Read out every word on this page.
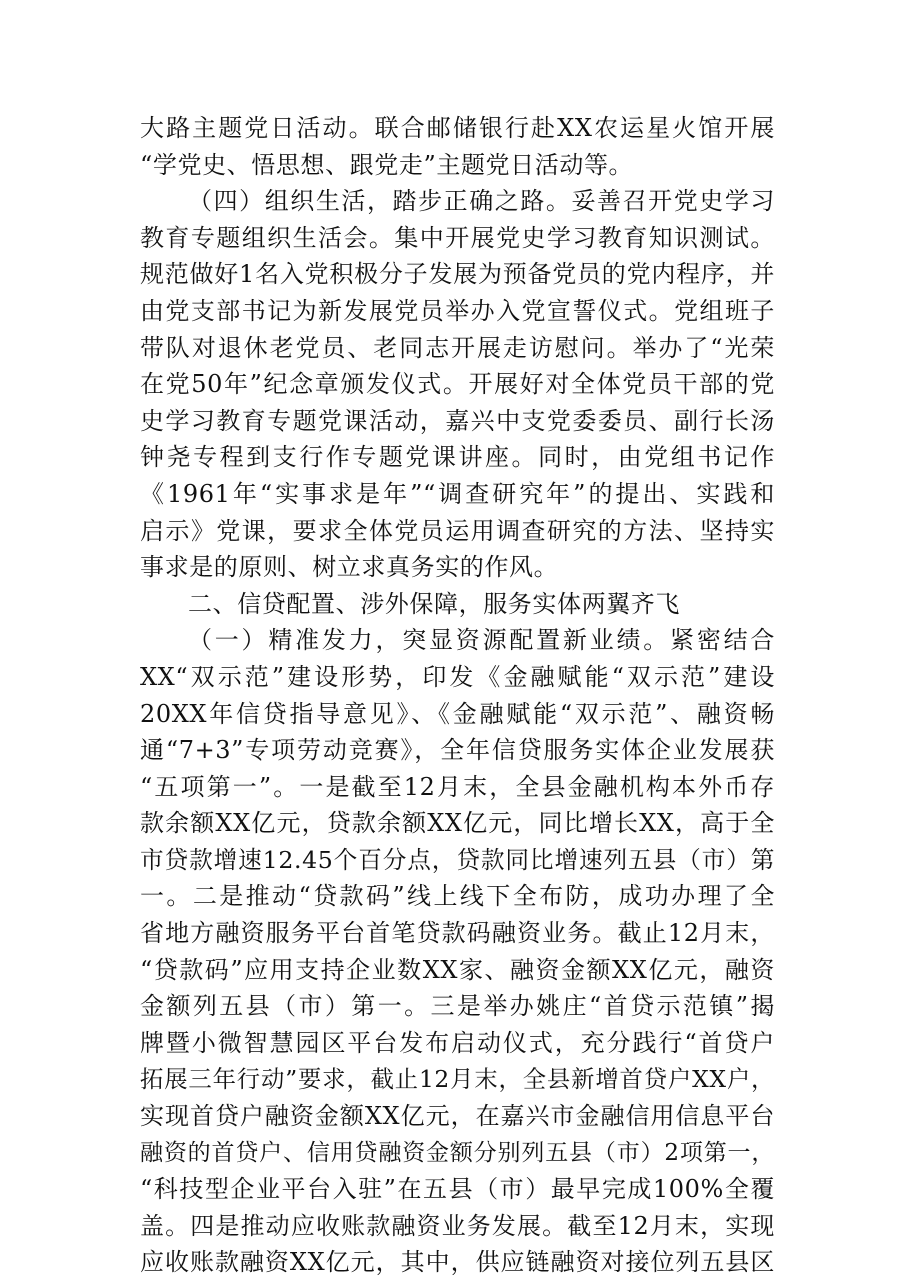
大路主题党日活动。联合邮储银行赴XX农运星火馆开展
“学党史、悟思想、跟党走”主题党日活动等。
（四）组织生活，踏步正确之路。妥善召开党史学习
教育专题组织生活会。集中开展党史学习教育知识测试。
规范做好1名入党积极分子发展为预备党员的党内程序，并
由党支部书记为新发展党员举办入党宣誓仪式。党组班子
带队对退休老党员、老同志开展走访慰问。举办了“光荣
在党50年”纪念章颁发仪式。开展好对全体党员干部的党
史学习教育专题党课活动，嘉兴中支党委委员、副行长汤
钟尧专程到支行作专题党课讲座。同时，由党组书记作
《1961年“实事求是年”“调查研究年”的提出、实践和
启示》党课，要求全体党员运用调查研究的方法、坚持实
事求是的原则、树立求真务实的作风。
二、信贷配置、涉外保障，服务实体两翼齐飞
（一）精准发力，突显资源配置新业绩。紧密结合
XX“双示范”建设形势，印发《金融赋能“双示范”建设
20XX年信贷指导意见》、《金融赋能“双示范”、融资畅
通“7+3”专项劳动竞赛》，全年信贷服务实体企业发展获
“五项第一”。一是截至12月末，全县金融机构本外币存
款余额XX亿元，贷款余额XX亿元，同比增长XX，高于全
市贷款增速12.45个百分点，贷款同比增速列五县（市）第
一。二是推动“贷款码”线上线下全布防，成功办理了全
省地方融资服务平台首笔贷款码融资业务。截止12月末，
“贷款码”应用支持企业数XX家、融资金额XX亿元，融资
金额列五县（市）第一。三是举办姚庄“首贷示范镇”揭
牌暨小微智慧园区平台发布启动仪式，充分践行“首贷户
拓展三年行动”要求，截止12月末，全县新增首贷户XX户，
实现首贷户融资金额XX亿元，在嘉兴市金融信用信息平台
融资的首贷户、信用贷融资金额分别列五县（市）2项第一，
“科技型企业平台入驻”在五县（市）最早完成100%全覆
盖。四是推动应收账款融资业务发展。截至12月末，实现
应收账款融资XX亿元，其中，供应链融资对接位列五县区
